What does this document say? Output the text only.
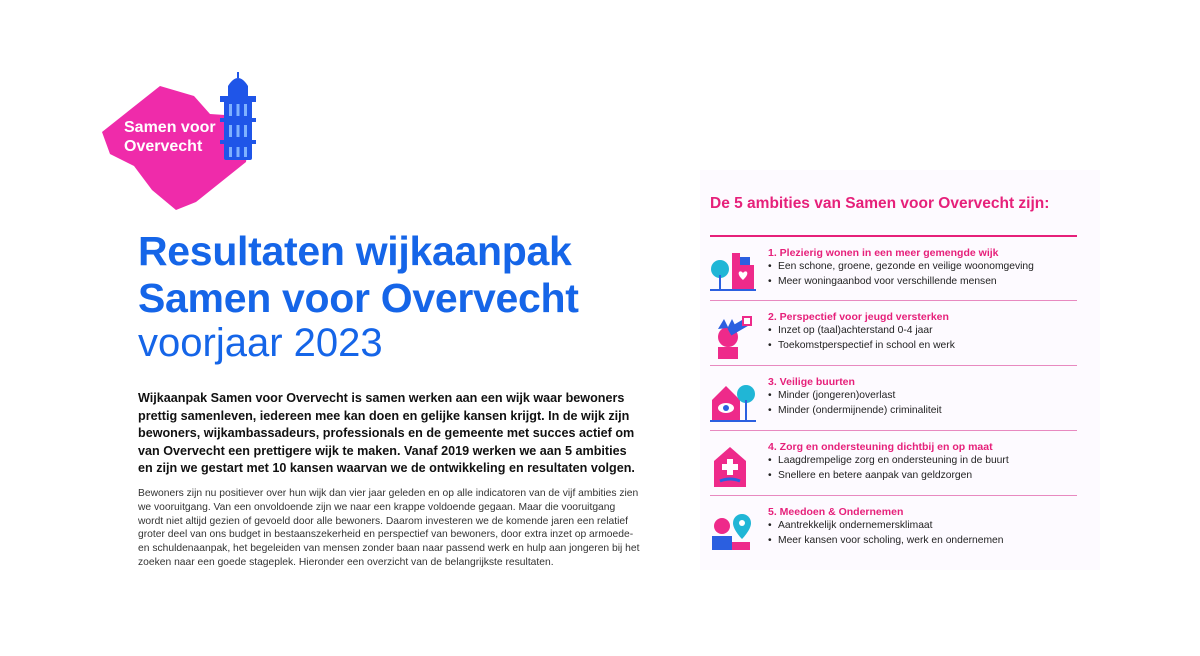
Samen voor
Overvecht
Resultaten wijkaanpak
Samen voor Overvecht
voorjaar 2023
Wijkaanpak Samen voor Overvecht is samen werken aan een wijk waar bewoners prettig samenleven, iedereen mee kan doen en gelijke kansen krijgt. In de wijk zijn bewoners, wijkambassadeurs, professionals en de gemeente met succes actief om van Overvecht een prettigere wijk te maken. Vanaf 2019 werken we aan 5 ambities en zijn we gestart met 10 kansen waarvan we de ontwikkeling en resultaten volgen.
Bewoners zijn nu positiever over hun wijk dan vier jaar geleden en op alle indicatoren van de vijf ambities zien we vooruitgang. Van een onvoldoende zijn we naar een krappe voldoende gegaan. Maar die vooruitgang wordt niet altijd gezien of gevoeld door alle bewoners. Daarom investeren we de komende jaren een relatief groter deel van ons budget in bestaanszekerheid en perspectief van bewoners, door extra inzet op armoede- en schuldenaanpak, het begeleiden van mensen zonder baan naar passend werk en hulp aan jongeren bij het zoeken naar een goede stageplek. Hieronder een overzicht van de belangrijkste resultaten.
De 5 ambities van Samen voor Overvecht zijn:
1. Plezierig wonen in een meer gemengde wijk
• Een schone, groene, gezonde en veilige woonomgeving
• Meer woningaanbod voor verschillende mensen
2. Perspectief voor jeugd versterken
• Inzet op (taal)achterstand 0-4 jaar
• Toekomstperspectief in school en werk
3. Veilige buurten
• Minder (jongeren)overlast
• Minder (ondermijnende) criminaliteit
4. Zorg en ondersteuning dichtbij en op maat
• Laagdrempelige zorg en ondersteuning in de buurt
• Snellere en betere aanpak van geldzorgen
5. Meedoen & Ondernemen
• Aantrekkelijk ondernemersklimaat
• Meer kansen voor scholing, werk en ondernemen
